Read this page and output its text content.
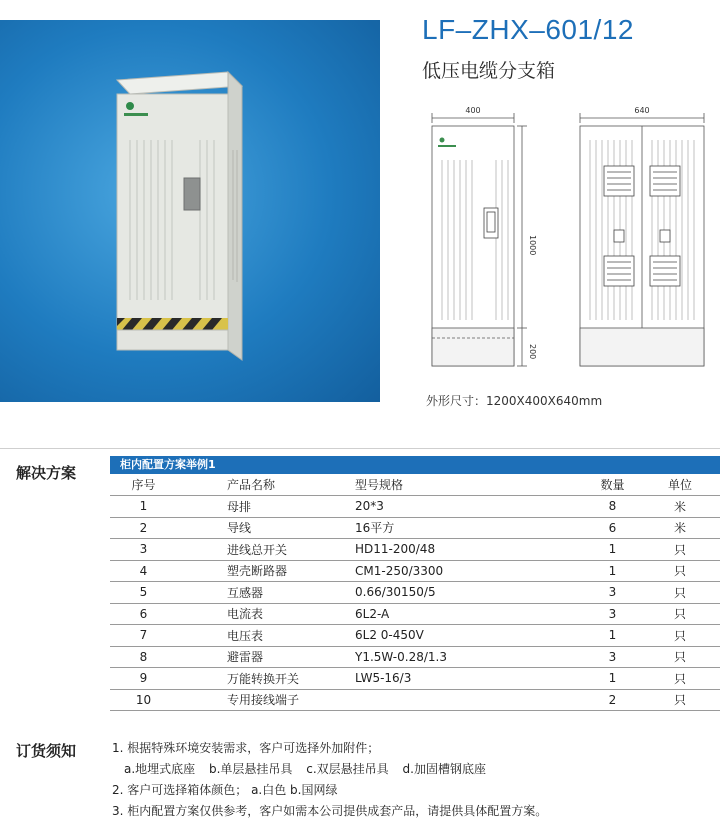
LF–ZHX–601/12
低压电缆分支箱
400
1000
200
640
外形尺寸：1200X400X640mm
解决方案	柜内配置方案举例1
序号	产品名称	型号规格	数量	单位
1	母排	20*3	8	米
2	导线	16平方	6	米
3	进线总开关	HD11-200/48	1	只
4	塑壳断路器	CM1-250/3300	1	只
5	互感器	0.66/30150/5	3	只
6	电流表	6L2-A	3	只
7	电压表	6L2 0-450V	1	只
8	避雷器	Y1.5W-0.28/1.3	3	只
9	万能转换开关	LW5-16/3	1	只
10	专用接线端子		2	只
订货须知	1. 根据特殊环境安装需求，客户可选择外加附件；
a.地埋式底座 b.单层悬挂吊具 c.双层悬挂吊具 d.加固槽钢底座
2. 客户可选择箱体颜色； a.白色 b.国网绿
3. 柜内配置方案仅供参考，客户如需本公司提供成套产品，请提供具体配置方案。
